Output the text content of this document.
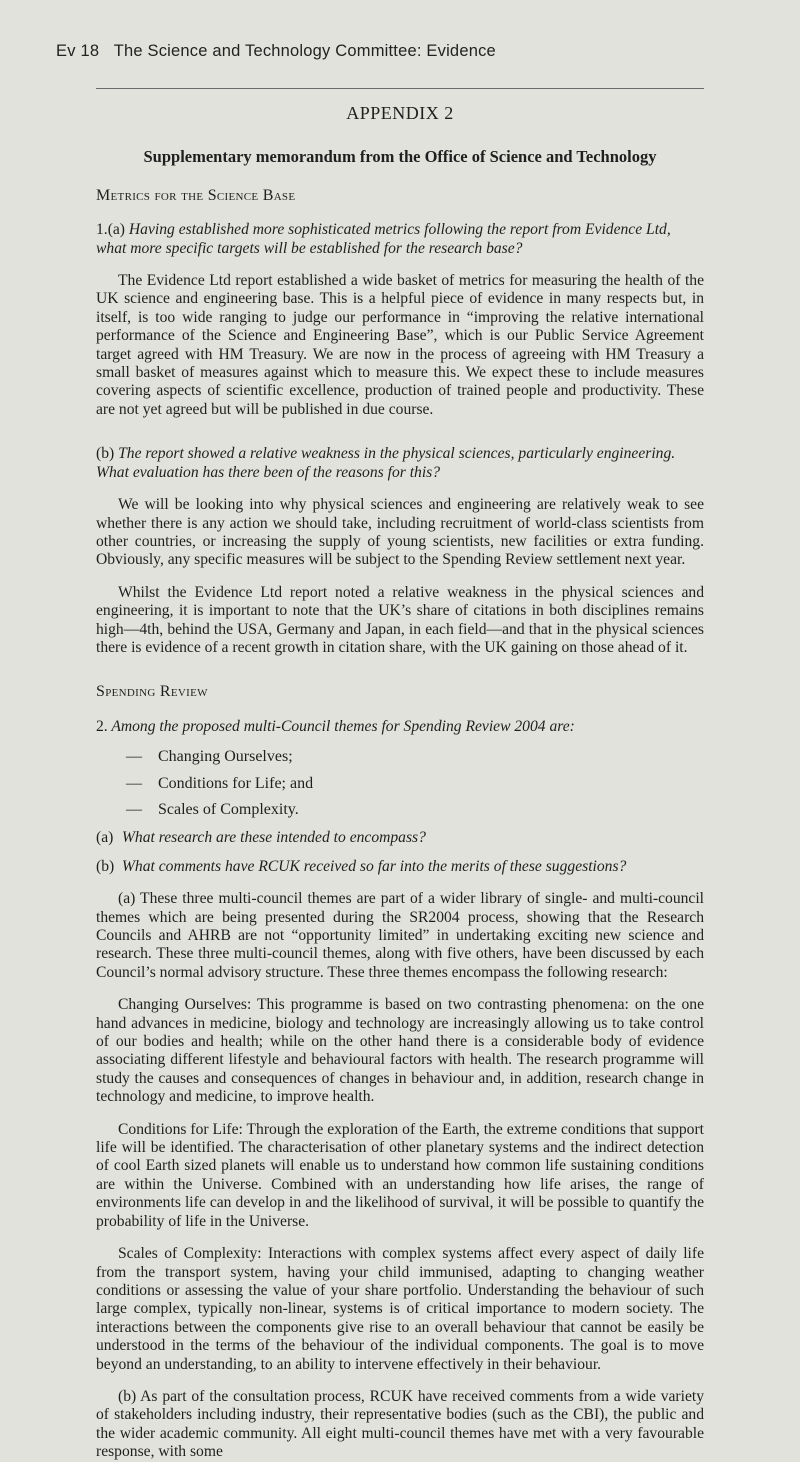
Ev 18 The Science and Technology Committee: Evidence
APPENDIX 2
Supplementary memorandum from the Office of Science and Technology
Metrics for the Science Base

1.(a) Having established more sophisticated metrics following the report from Evidence Ltd, what more specific targets will be established for the research base?

The Evidence Ltd report established a wide basket of metrics for measuring the health of the UK science and engineering base. This is a helpful piece of evidence in many respects but, in itself, is too wide ranging to judge our performance in “improving the relative international performance of the Science and Engineering Base”, which is our Public Service Agreement target agreed with HM Treasury. We are now in the process of agreeing with HM Treasury a small basket of measures against which to measure this. We expect these to include measures covering aspects of scientific excellence, production of trained people and productivity. These are not yet agreed but will be published in due course.

(b) The report showed a relative weakness in the physical sciences, particularly engineering. What evaluation has there been of the reasons for this?

We will be looking into why physical sciences and engineering are relatively weak to see whether there is any action we should take, including recruitment of world-class scientists from other countries, or increasing the supply of young scientists, new facilities or extra funding. Obviously, any specific measures will be subject to the Spending Review settlement next year.

Whilst the Evidence Ltd report noted a relative weakness in the physical sciences and engineering, it is important to note that the UK’s share of citations in both disciplines remains high—4th, behind the USA, Germany and Japan, in each field—and that in the physical sciences there is evidence of a recent growth in citation share, with the UK gaining on those ahead of it.

Spending Review

2. Among the proposed multi-Council themes for Spending Review 2004 are:

— Changing Ourselves;
— Conditions for Life; and
— Scales of Complexity.

(a) What research are these intended to encompass?

(b) What comments have RCUK received so far into the merits of these suggestions?

(a) These three multi-council themes are part of a wider library of single- and multi-council themes which are being presented during the SR2004 process, showing that the Research Councils and AHRB are not “opportunity limited” in undertaking exciting new science and research. These three multi-council themes, along with five others, have been discussed by each Council’s normal advisory structure. These three themes encompass the following research:

Changing Ourselves: This programme is based on two contrasting phenomena: on the one hand advances in medicine, biology and technology are increasingly allowing us to take control of our bodies and health; while on the other hand there is a considerable body of evidence associating different lifestyle and behavioural factors with health. The research programme will study the causes and consequences of changes in behaviour and, in addition, research change in technology and medicine, to improve health.

Conditions for Life: Through the exploration of the Earth, the extreme conditions that support life will be identified. The characterisation of other planetary systems and the indirect detection of cool Earth sized planets will enable us to understand how common life sustaining conditions are within the Universe. Combined with an understanding how life arises, the range of environments life can develop in and the likelihood of survival, it will be possible to quantify the probability of life in the Universe.

Scales of Complexity: Interactions with complex systems affect every aspect of daily life from the transport system, having your child immunised, adapting to changing weather conditions or assessing the value of your share portfolio. Understanding the behaviour of such large complex, typically non-linear, systems is of critical importance to modern society. The interactions between the components give rise to an overall behaviour that cannot be easily be understood in the terms of the behaviour of the individual components. The goal is to move beyond an understanding, to an ability to intervene effectively in their behaviour.

(b) As part of the consultation process, RCUK have received comments from a wide variety of stakeholders including industry, their representative bodies (such as the CBI), the public and the wider academic community. All eight multi-council themes have met with a very favourable response, with some
